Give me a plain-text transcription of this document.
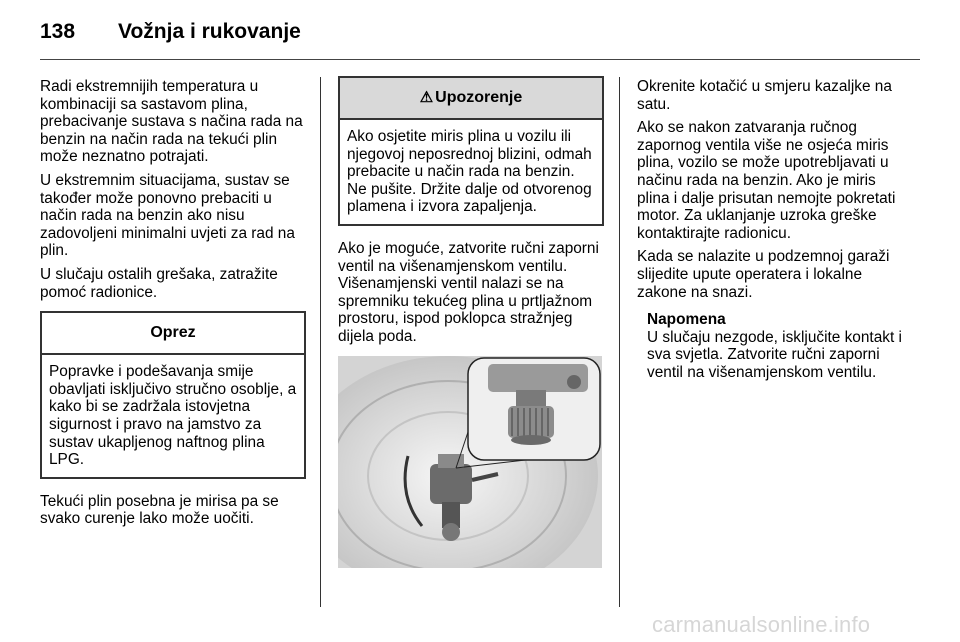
138 Vožnja i rukovanje

Radi ekstremnijih temperatura u kombinaciji sa sastavom plina, prebacivanje sustava s načina rada na benzin na način rada na tekući plin može neznatno potrajati.

U ekstremnim situacijama, sustav se također može ponovno prebaciti u način rada na benzin ako nisu zadovoljeni minimalni uvjeti za rad na plin.

U slučaju ostalih grešaka, zatražite pomoć radionice.

Oprez
Popravke i podešavanja smije obavljati isključivo stručno osoblje, a kako bi se zadržala istovjetna sigurnost i pravo na jamstvo za sustav ukapljenog naftnog plina LPG.

Tekući plin posebna je mirisa pa se svako curenje lako može uočiti.

⚠ Upozorenje
Ako osjetite miris plina u vozilu ili njegovoj neposrednoj blizini, odmah prebacite u način rada na benzin. Ne pušite. Držite dalje od otvorenog plamena i izvora zapaljenja.

Ako je moguće, zatvorite ručni zaporni ventil na višenamjenskom ventilu. Višenamjenski ventil nalazi se na spremniku tekućeg plina u prtljažnom prostoru, ispod poklopca stražnjeg dijela poda.

Okrenite kotačić u smjeru kazaljke na satu.

Ako se nakon zatvaranja ručnog zapornog ventila više ne osjeća miris plina, vozilo se može upotrebljavati u načinu rada na benzin. Ako je miris plina i dalje prisutan nemojte pokretati motor. Za uklanjanje uzroka greške kontaktirajte radionicu.

Kada se nalazite u podzemnoj garaži slijedite upute operatera i lokalne zakone na snazi.

Napomena
U slučaju nezgode, isključite kontakt i sva svjetla. Zatvorite ručni zaporni ventil na višenamjenskom ventilu.
carmanualsonline.info
